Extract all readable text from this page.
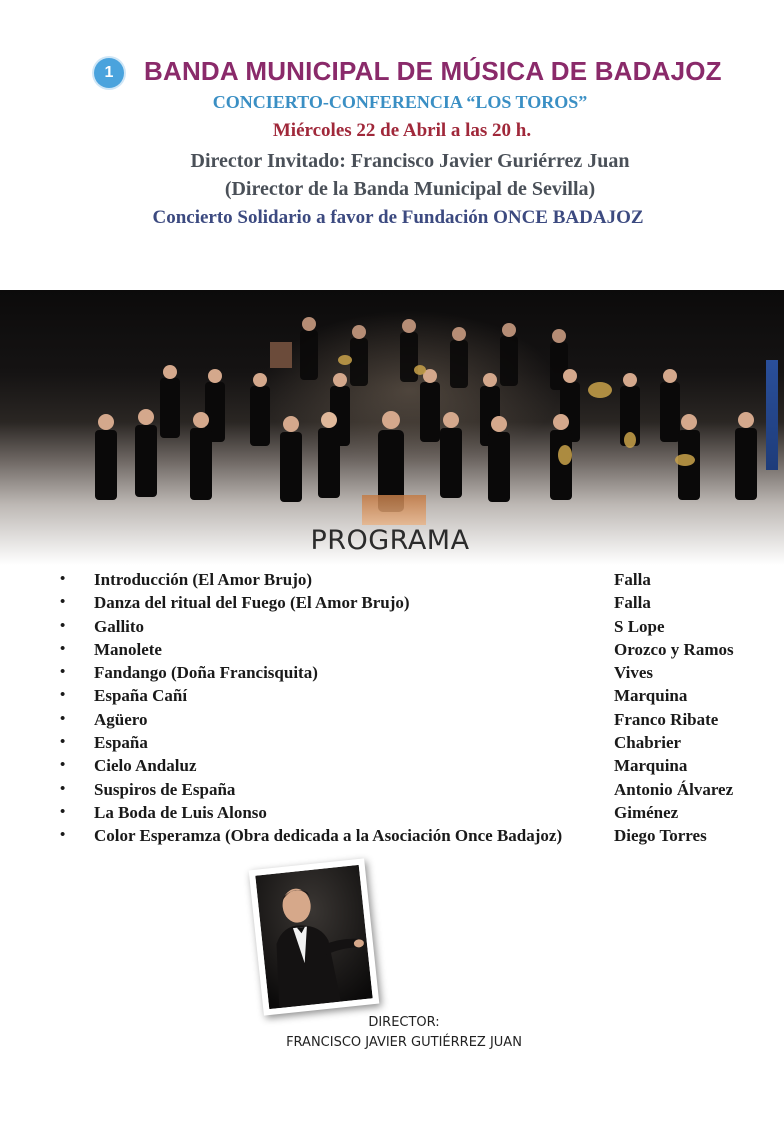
1	BANDA MUNICIPAL DE MÚSICA DE BADAJOZ
CONCIERTO-CONFERENCIA “LOS TOROS”
Miércoles 22 de Abril a las 20 h.
Director Invitado: Francisco Javier Guriérrez Juan
(Director de la Banda Municipal de Sevilla)
Concierto Solidario a favor de Fundación ONCE BADAJOZ
PROGRAMA
• Introducción (El Amor Brujo)	Falla
• Danza del ritual del Fuego (El Amor Brujo)	Falla
• Gallito	S Lope
• Manolete	Orozco y Ramos
• Fandango (Doña Francisquita)	Vives
• España Cañí	Marquina
• Agüero	Franco Ribate
• España	Chabrier
• Cielo Andaluz	Marquina
• Suspiros de España	Antonio Álvarez
• La Boda de Luis Alonso	Giménez
• Color Esperamza (Obra dedicada a la Asociación Once Badajoz)	Diego Torres
DIRECTOR:
FRANCISCO JAVIER GUTIÉRREZ JUAN
